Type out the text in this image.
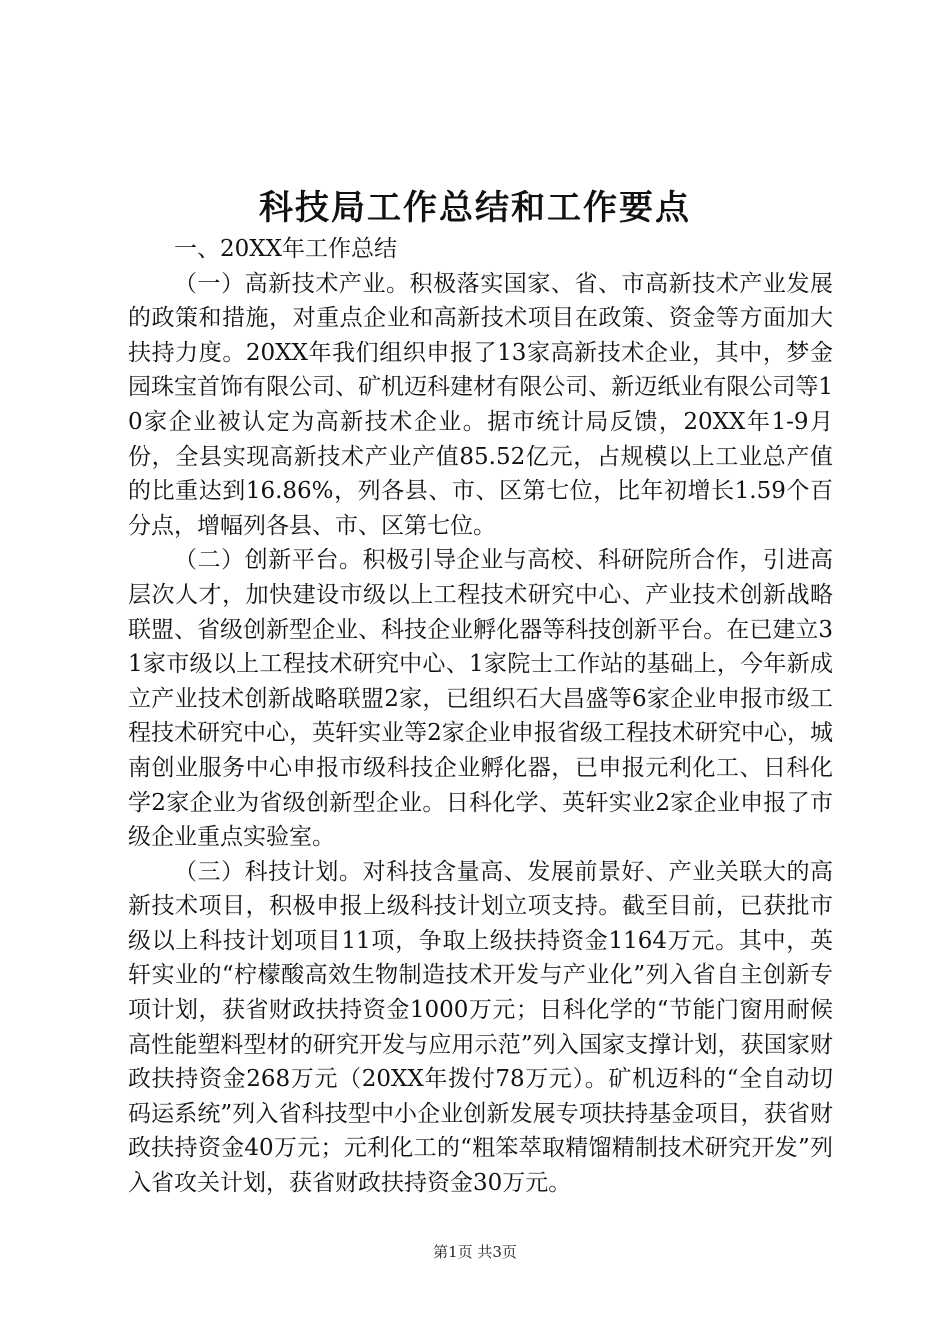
科技局工作总结和工作要点

一、20XX年工作总结

（一）高新技术产业。积极落实国家、省、市高新技术产业发展的政策和措施，对重点企业和高新技术项目在政策、资金等方面加大扶持力度。20XX年我们组织申报了13家高新技术企业，其中，梦金园珠宝首饰有限公司、矿机迈科建材有限公司、新迈纸业有限公司等10家企业被认定为高新技术企业。据市统计局反馈，20XX年1-9月份，全县实现高新技术产业产值85.52亿元，占规模以上工业总产值的比重达到16.86%，列各县、市、区第七位，比年初增长1.59个百分点，增幅列各县、市、区第七位。

（二）创新平台。积极引导企业与高校、科研院所合作，引进高层次人才，加快建设市级以上工程技术研究中心、产业技术创新战略联盟、省级创新型企业、科技企业孵化器等科技创新平台。在已建立31家市级以上工程技术研究中心、1家院士工作站的基础上，今年新成立产业技术创新战略联盟2家，已组织石大昌盛等6家企业申报市级工程技术研究中心，英轩实业等2家企业申报省级工程技术研究中心，城南创业服务中心申报市级科技企业孵化器，已申报元利化工、日科化学2家企业为省级创新型企业。日科化学、英轩实业2家企业申报了市级企业重点实验室。

（三）科技计划。对科技含量高、发展前景好、产业关联大的高新技术项目，积极申报上级科技计划立项支持。截至目前，已获批市级以上科技计划项目11项，争取上级扶持资金1164万元。其中，英轩实业的“柠檬酸高效生物制造技术开发与产业化”列入省自主创新专项计划，获省财政扶持资金1000万元；日科化学的“节能门窗用耐候高性能塑料型材的研究开发与应用示范”列入国家支撑计划，获国家财政扶持资金268万元（20XX年拨付78万元）。矿机迈科的“全自动切码运系统”列入省科技型中小企业创新发展专项扶持基金项目，获省财政扶持资金40万元；元利化工的“粗笨萃取精馏精制技术研究开发”列入省攻关计划，获省财政扶持资金30万元。

第1页 共3页
